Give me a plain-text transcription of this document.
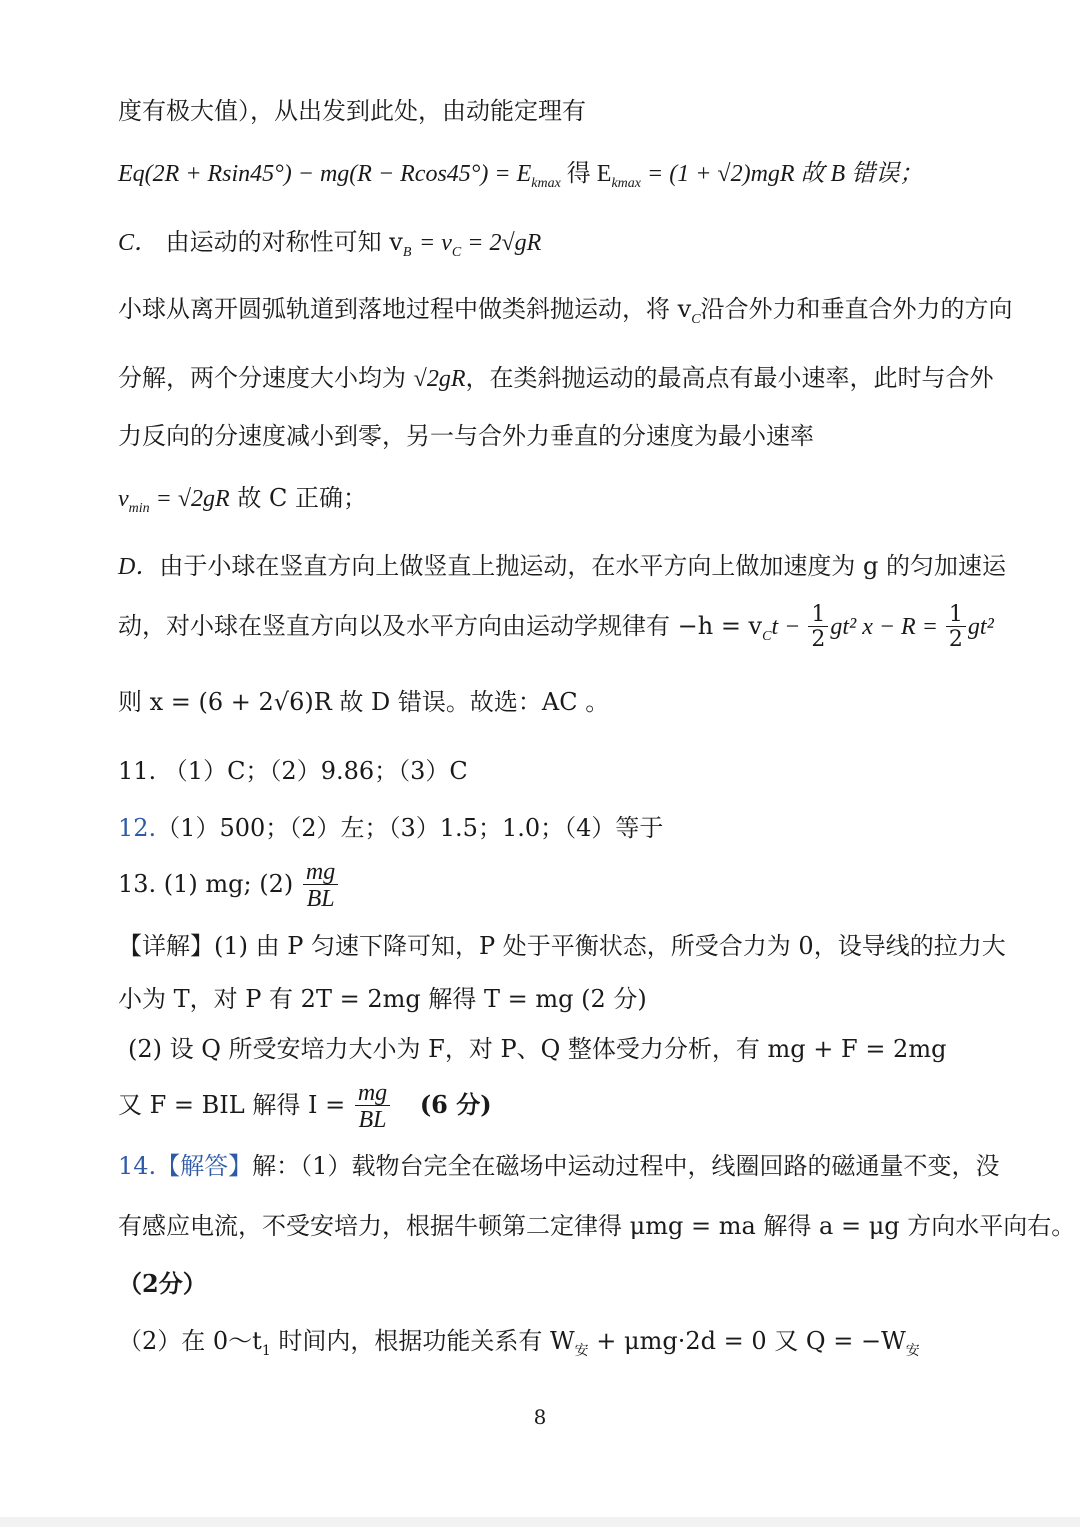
度有极大值），从出发到此处，由动能定理有
$Eq(2R + Rsin45^\circ) - mg(R - Rcos45^\circ) = E_{kmax}$ 得 $E_{kmax} = (1 + √2)mgR$ 故 B 错误；
C． 由运动的对称性可知 $v_B = v_C = 2√gR$
小球从离开圆弧轨道到落地过程中做类斜抛运动，将 $v_C$沿合外力和垂直合外力的方向
分解，两个分速度大小均为 √2gR，在类斜抛运动的最高点有最小速率，此时与合外
力反向的分速度减小到零，另一与合外力垂直的分速度为最小速率
$v_{min} = √2gR$ 故 C 正确；
D．由于小球在竖直方向上做竖直上抛运动，在水平方向上做加速度为 g 的匀加速运
动，对小球在竖直方向以及水平方向由运动学规律有 $-h = v_Ct - \frac{1}{2} gt^2$ $x - R = \frac{1}{2} gt^2$
则 x = (6 + 2√6)R 故 D 错误。故选：AC 。
11. （1）C；（2）9.86；（3）C
12.（1）500；（2）左；（3）1.5；1.0；（4）等于
13. (1) mg; $(2) \frac{mg}{BL}$
【详解】(1) 由 P 匀速下降可知，P 处于平衡状态，所受合力为 0，设导线的拉力大
小为 T，对 P 有 2T = 2mg 解得 T = mg (2 分)
(2) 设 Q 所受安培力大小为 F，对 P、Q 整体受力分析，有 mg + F = 2mg
又 F = BIL 解得 $I = \frac{mg}{BL} (6$ 分)
14.【解答】解：（1）载物台完全在磁场中运动过程中，线圈回路的磁通量不变，没
有感应电流，不受安培力，根据牛顿第二定律得 μmg = ma 解得 a = μg 方向水平向右。
（2分）
（2）在 $0\sim t_1$ 时间内，根据功能关系有 $W_安 + \mu mg\cdot 2d = 0$ 又 $Q = -W_安$
8
